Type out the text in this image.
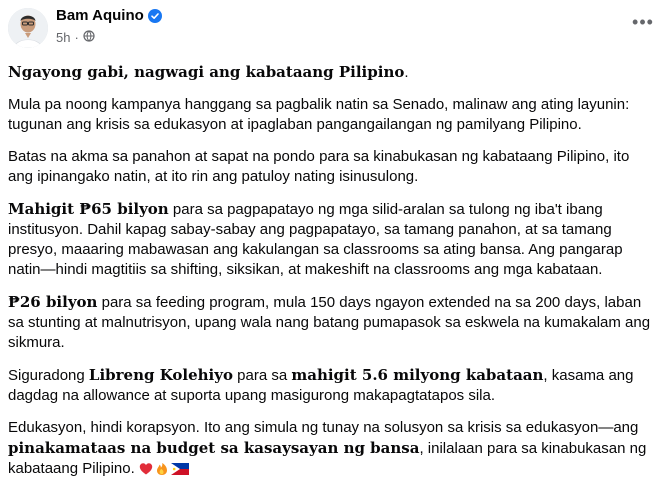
Bam Aquino
5h ·
•••

Ngayong gabi, nagwagi ang kabataang Pilipino.

Mula pa noong kampanya hanggang sa pagbalik natin sa Senado, malinaw ang ating layunin: tugunan ang krisis sa edukasyon at ipaglaban pangangailangan ng pamilyang Pilipino.

Batas na akma sa panahon at sapat na pondo para sa kinabukasan ng kabataang Pilipino, ito ang ipinangako natin, at ito rin ang patuloy nating isinusulong.

Mahigit ₱65 bilyon para sa pagpapatayo ng mga silid-aralan sa tulong ng iba't ibang institusyon. Dahil kapag sabay-sabay ang pagpapatayo, sa tamang panahon, at sa tamang presyo, maaaring mabawasan ang kakulangan sa classrooms sa ating bansa. Ang pangarap natin—hindi magtitiis sa shifting, siksikan, at makeshift na classrooms ang mga kabataan.

₱26 bilyon para sa feeding program, mula 150 days ngayon extended na sa 200 days, laban sa stunting at malnutrisyon, upang wala nang batang pumapasok sa eskwela na kumakalam ang sikmura.

Siguradong Libreng Kolehiyo para sa mahigit 5.6 milyong kabataan, kasama ang dagdag na allowance at suporta upang masigurong makapagtatapos sila.

Edukasyon, hindi korapsyon. Ito ang simula ng tunay na solusyon sa krisis sa edukasyon—ang pinakamataas na budget sa kasaysayan ng bansa, inilalaan para sa kinabukasan ng kabataang Pilipino.
